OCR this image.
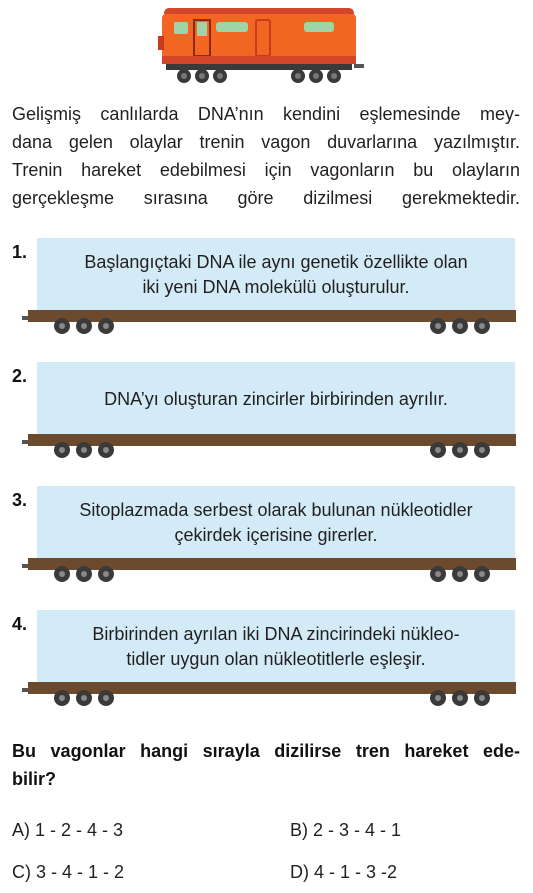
Gelişmiş canlılarda DNA’nın kendini eşlemesinde mey-
dana gelen olaylar trenin vagon duvarlarına yazılmıştır.
Trenin hareket edebilmesi için vagonların bu olayların
gerçekleşme sırasına göre dizilmesi gerekmektedir.
1.	Başlangıçtaki DNA ile aynı genetik özellikte olan
iki yeni DNA molekülü oluşturulur.
2.
DNA’yı oluşturan zincirler birbirinden ayrılır.
3.	Sitoplazmada serbest olarak bulunan nükleotidler
çekirdek içerisine girerler.
4.	Birbirinden ayrılan iki DNA zincirindeki nükleo-
tidler uygun olan nükleotitlerle eşleşir.
Bu vagonlar hangi sırayla dizilirse tren hareket ede-
bilir?
A) 1 - 2 - 4 - 3	B) 2 - 3 - 4 - 1
C) 3 - 4 - 1 - 2	D) 4 - 1 - 3 -2
